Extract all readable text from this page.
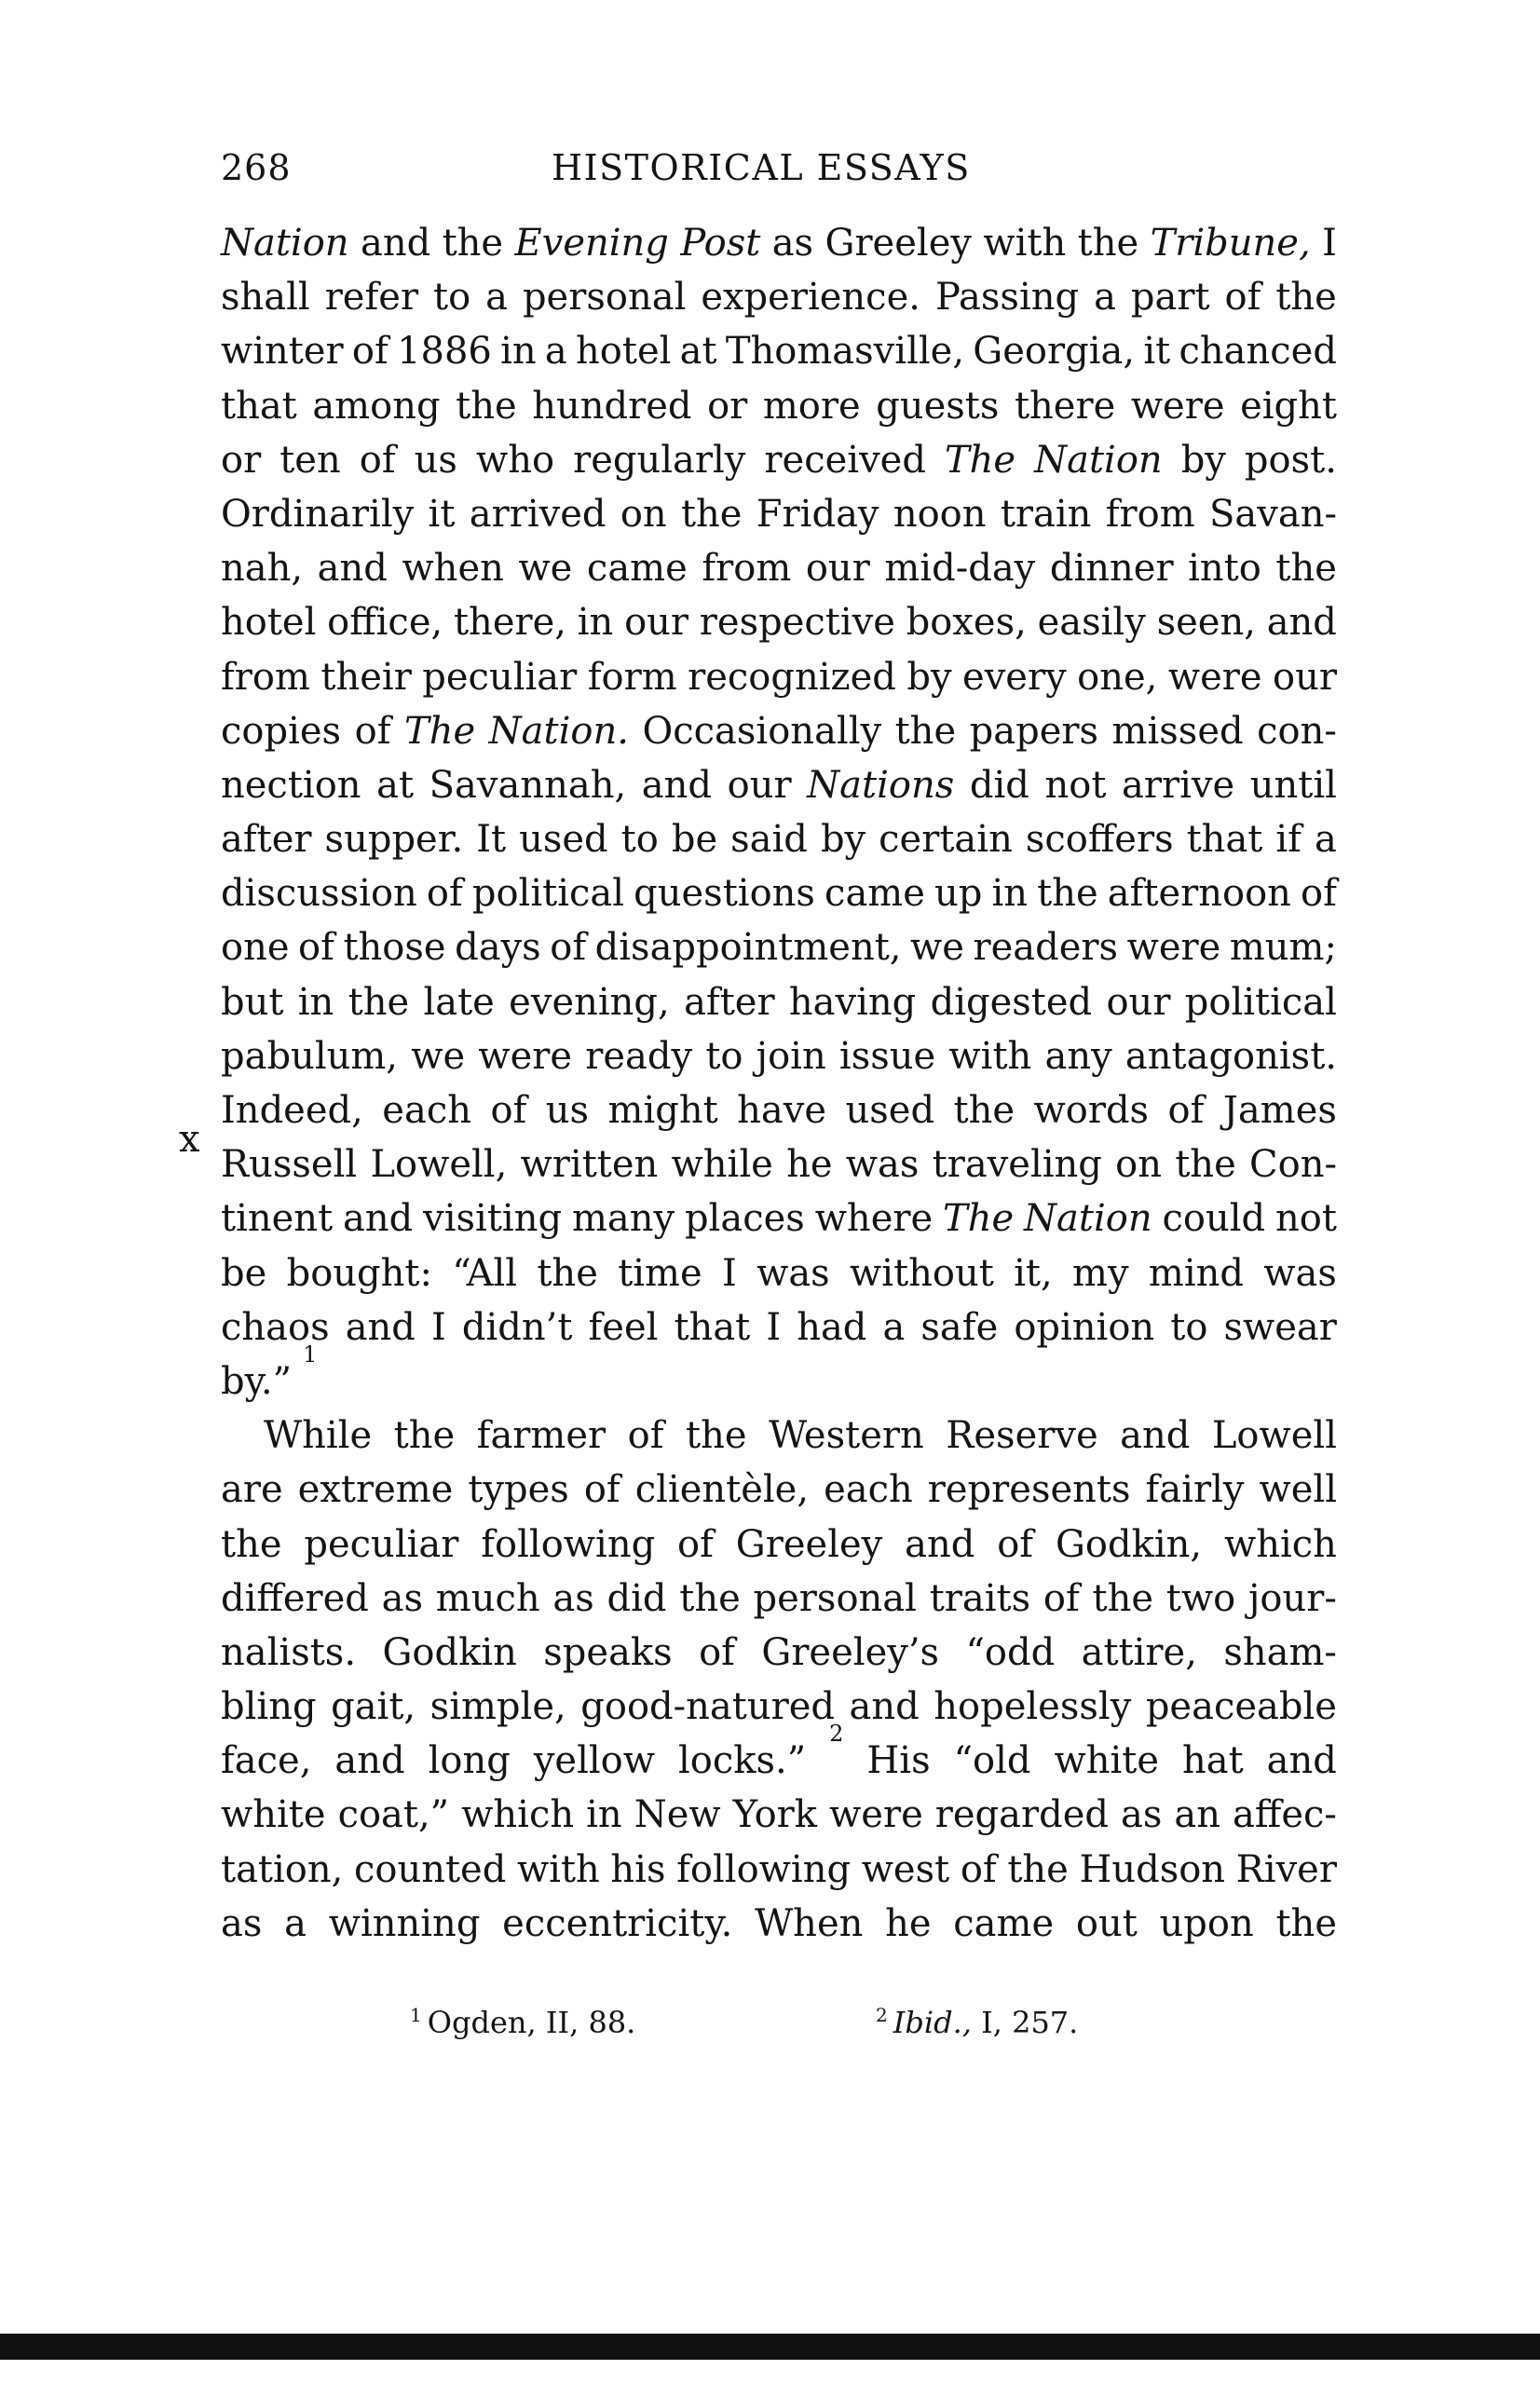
268	HISTORICAL ESSAYS
x
Nation and the Evening Post as Greeley with the Tribune, I
shall refer to a personal experience. Passing a part of the
winter of 1886 in a hotel at Thomasville, Georgia, it chanced
that among the hundred or more guests there were eight
or ten of us who regularly received The Nation by post.
Ordinarily it arrived on the Friday noon train from Savan-
nah, and when we came from our mid-day dinner into the
hotel office, there, in our respective boxes, easily seen, and
from their peculiar form recognized by every one, were our
copies of The Nation. Occasionally the papers missed con-
nection at Savannah, and our Nations did not arrive until
after supper. It used to be said by certain scoffers that if a
discussion of political questions came up in the afternoon of
one of those days of disappointment, we readers were mum;
but in the late evening, after having digested our political
pabulum, we were ready to join issue with any antagonist.
Indeed, each of us might have used the words of James
Russell Lowell, written while he was traveling on the Con-
tinent and visiting many places where The Nation could not
be bought: “All the time I was without it, my mind was
chaos and I didn’t feel that I had a safe opinion to swear
by.”
1
While the farmer of the Western Reserve and Lowell
are extreme types of clientèle, each represents fairly well
the peculiar following of Greeley and of Godkin, which
differed as much as did the personal traits of the two jour-
nalists. Godkin speaks of Greeley’s “odd attire, sham-
bling gait, simple, good-natured and hopelessly peaceable
face, and long yellow locks.”
2
His “old white hat and
white coat,” which in New York were regarded as an affec-
tation, counted with his following west of the Hudson River
as a winning eccentricity. When he came out upon the
$^1$ Ogden, II, 88.	$^2$ Ibid., I, 257.
